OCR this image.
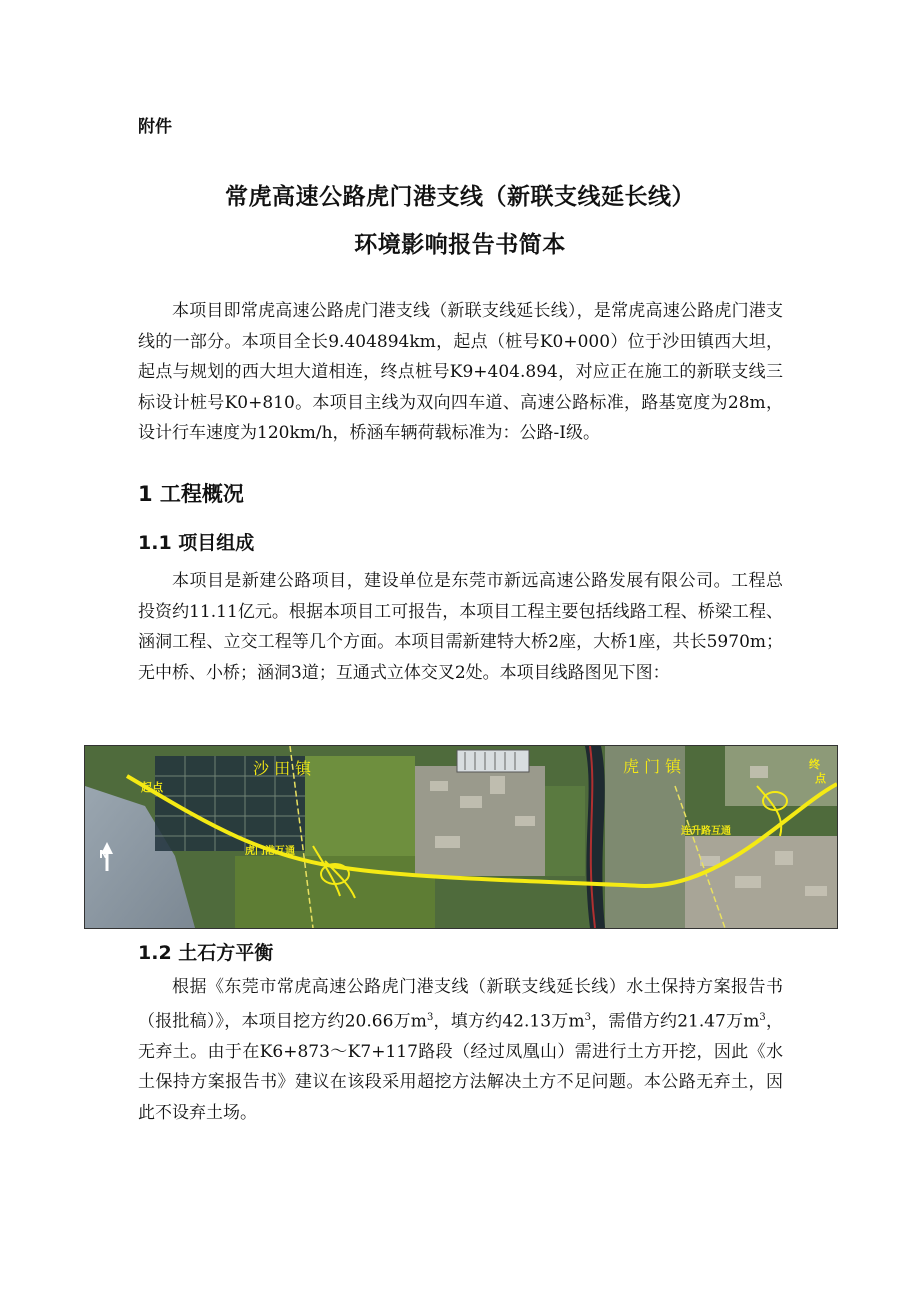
附件
常虎高速公路虎门港支线（新联支线延长线）
环境影响报告书简本

本项目即常虎高速公路虎门港支线（新联支线延长线），是常虎高速公路虎门港支线的一部分。本项目全长9.404894km，起点（桩号K0+000）位于沙田镇西大坦，起点与规划的西大坦大道相连，终点桩号K9+404.894，对应正在施工的新联支线三标设计桩号K0+810。本项目主线为双向四车道、高速公路标准，路基宽度为28m，设计行车速度为120km/h，桥涵车辆荷载标准为：公路-I级。

1 工程概况
1.1 项目组成

本项目是新建公路项目，建设单位是东莞市新远高速公路发展有限公司。工程总投资约11.11亿元。根据本项目工可报告，本项目工程主要包括线路工程、桥梁工程、涵洞工程、立交工程等几个方面。本项目需新建特大桥2座，大桥1座，共长5970m；无中桥、小桥；涵洞3道；互通式立体交叉2处。本项目线路图见下图：

N
起点
沙 田 镇	虎 门 镇
虎门港互通
连升路互通
终
点
1.2 土石方平衡

根据《东莞市常虎高速公路虎门港支线（新联支线延长线）水土保持方案报告书（报批稿）》，本项目挖方约20.66万$m^3$，填方约42.13万$m^3$，需借方约21.47万$m^3$，无弃土。由于在K6+873～K7+117路段（经过凤凰山）需进行土方开挖，因此《水土保持方案报告书》建议在该段采用超挖方法解决土方不足问题。本公路无弃土，因此不设弃土场。
